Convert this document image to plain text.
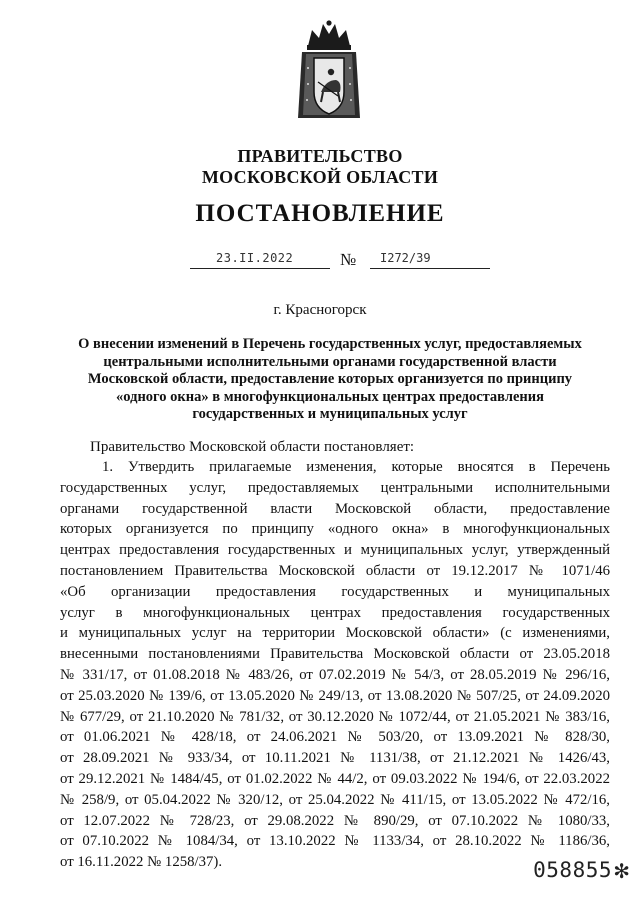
ПРАВИТЕЛЬСТВО
МОСКОВСКОЙ ОБЛАСТИ
ПОСТАНОВЛЕНИЕ
23.II.2022	№ I272/39
г. Красногорск
О внесении изменений в Перечень государственных услуг, предоставляемых
центральными исполнительными органами государственной власти
Московской области, предоставление которых организуется по принципу
«одного окна» в многофункциональных центрах предоставления
государственных и муниципальных услуг
Правительство Московской области постановляет:
1. Утвердить прилагаемые изменения, которые вносятся в Перечень
государственных услуг, предоставляемых центральными исполнительными
органами государственной власти Московской области, предоставление
которых организуется по принципу «одного окна» в многофункциональных
центрах предоставления государственных и муниципальных услуг, утвержденный
постановлением Правительства Московской области от 19.12.2017 № 1071/46
«Об организации предоставления государственных и муниципальных
услуг в многофункциональных центрах предоставления государственных
и муниципальных услуг на территории Московской области» (с изменениями,
внесенными постановлениями Правительства Московской области от 23.05.2018
№ 331/17, от 01.08.2018 № 483/26, от 07.02.2019 № 54/3, от 28.05.2019 № 296/16,
от 25.03.2020 № 139/6, от 13.05.2020 № 249/13, от 13.08.2020 № 507/25, от 24.09.2020
№ 677/29, от 21.10.2020 № 781/32, от 30.12.2020 № 1072/44, от 21.05.2021 № 383/16,
от 01.06.2021 № 428/18, от 24.06.2021 № 503/20, от 13.09.2021 № 828/30,
от 28.09.2021 № 933/34, от 10.11.2021 № 1131/38, от 21.12.2021 № 1426/43,
от 29.12.2021 № 1484/45, от 01.02.2022 № 44/2, от 09.03.2022 № 194/6, от 22.03.2022
№ 258/9, от 05.04.2022 № 320/12, от 25.04.2022 № 411/15, от 13.05.2022 № 472/16,
от 12.07.2022 № 728/23, от 29.08.2022 № 890/29, от 07.10.2022 № 1080/33,
от 07.10.2022 № 1084/34, от 13.10.2022 № 1133/34, от 28.10.2022 № 1186/36,
от 16.11.2022 № 1258/37).	058855 ✻
